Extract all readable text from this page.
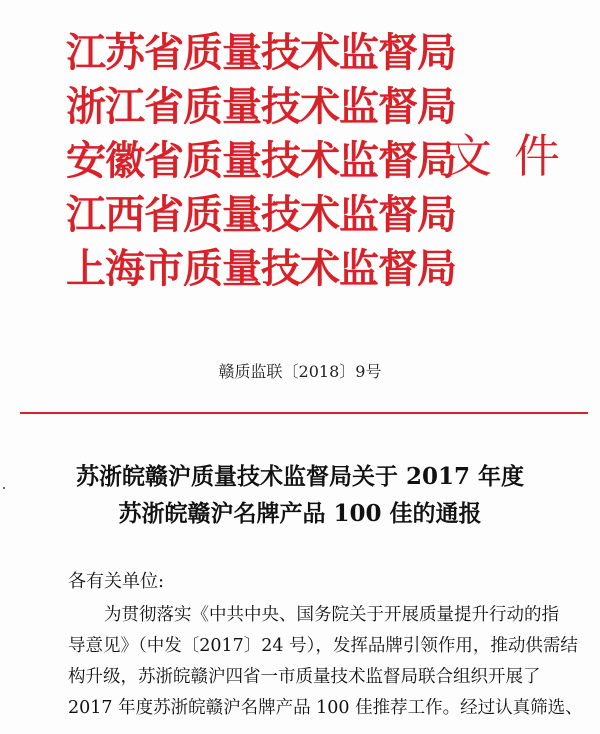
江苏省质量技术监督局
浙江省质量技术监督局
安徽省质量技术监督局
江西省质量技术监督局
上海市质量技术监督局
文件
赣质监联〔2018〕9号
苏浙皖赣沪质量技术监督局关于 2017 年度
苏浙皖赣沪名牌产品 100 佳的通报
各有关单位:
为贯彻落实《中共中央、国务院关于开展质量提升行动的指
导意见》（中发〔2017〕24 号），发挥品牌引领作用，推动供需结
构升级，苏浙皖赣沪四省一市质量技术监督局联合组织开展了
2017 年度苏浙皖赣沪名牌产品 100 佳推荐工作。经过认真筛选、
